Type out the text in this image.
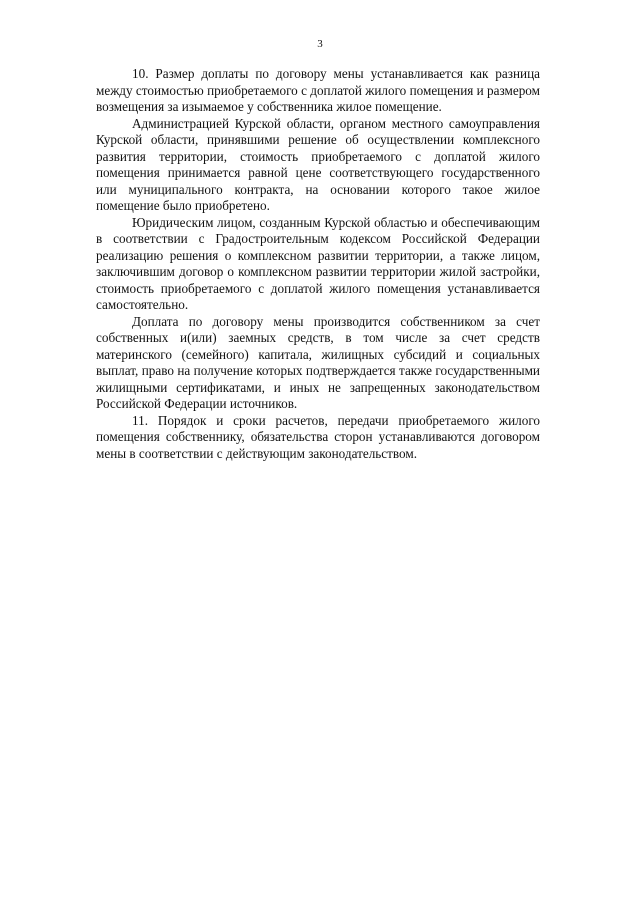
3

10. Размер доплаты по договору мены устанавливается как разница между стоимостью приобретаемого с доплатой жилого помещения и размером возмещения за изымаемое у собственника жилое помещение.

Администрацией Курской области, органом местного самоуправления Курской области, принявшими решение об осуществлении комплексного развития территории, стоимость приобретаемого с доплатой жилого помещения принимается равной цене соответствующего государственного или муниципального контракта, на основании которого такое жилое помещение было приобретено.

Юридическим лицом, созданным Курской областью и обеспечивающим в соответствии с Градостроительным кодексом Российской Федерации реализацию решения о комплексном развитии территории, а также лицом, заключившим договор о комплексном развитии территории жилой застройки, стоимость приобретаемого с доплатой жилого помещения устанавливается самостоятельно.

Доплата по договору мены производится собственником за счет собственных и(или) заемных средств, в том числе за счет средств материнского (семейного) капитала, жилищных субсидий и социальных выплат, право на получение которых подтверждается также государственными жилищными сертификатами, и иных не запрещенных законодательством Российской Федерации источников.

11. Порядок и сроки расчетов, передачи приобретаемого жилого помещения собственнику, обязательства сторон устанавливаются договором мены в соответствии с действующим законодательством.
